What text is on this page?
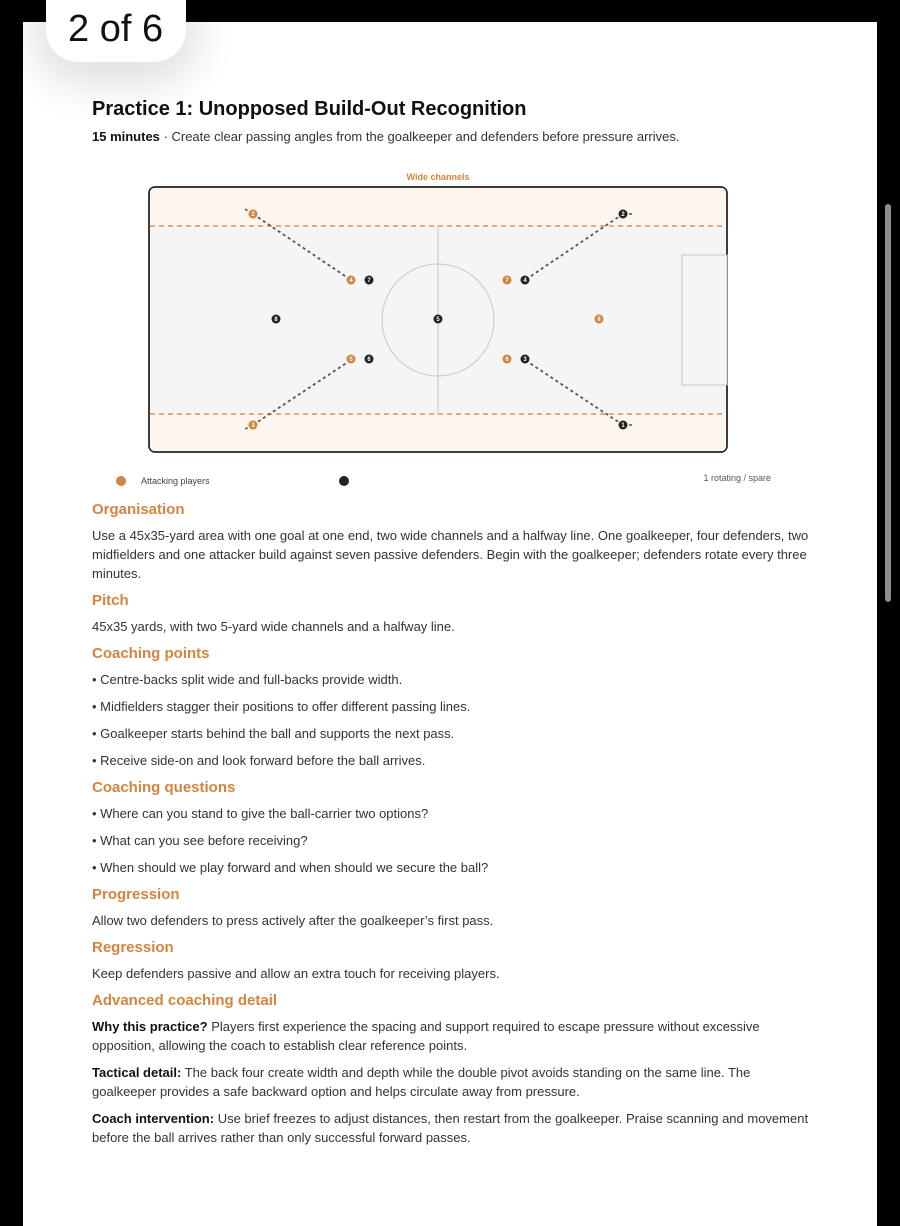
2 of 6
Practice 1: Unopposed Build-Out Recognition

15 minutes · Create clear passing angles from the goalkeeper and defenders before pressure arrives.

2
4
5
3
7
6
8
7
6
8	5
4
3
2
1
Wide channels
Attacking players	1 rotating / spare
Organisation

Use a 45x35-yard area with one goal at one end, two wide channels and a halfway line. One goalkeeper, four defenders, two midfielders and one attacker build against seven passive defenders. Begin with the goalkeeper; defenders rotate every three minutes.

Pitch

45x35 yards, with two 5-yard wide channels and a halfway line.

Coaching points
• Centre-backs split wide and full-backs provide width.
• Midfielders stagger their positions to offer different passing lines.
• Goalkeeper starts behind the ball and supports the next pass.
• Receive side-on and look forward before the ball arrives.
Coaching questions
• Where can you stand to give the ball-carrier two options?
• What can you see before receiving?
• When should we play forward and when should we secure the ball?
Progression

Allow two defenders to press actively after the goalkeeper’s first pass.

Regression

Keep defenders passive and allow an extra touch for receiving players.

Advanced coaching detail

Why this practice? Players first experience the spacing and support required to escape pressure without excessive opposition, allowing the coach to establish clear reference points.

Tactical detail: The back four create width and depth while the double pivot avoids standing on the same line. The goalkeeper provides a safe backward option and helps circulate away from pressure.

Coach intervention: Use brief freezes to adjust distances, then restart from the goalkeeper. Praise scanning and movement before the ball arrives rather than only successful forward passes.
